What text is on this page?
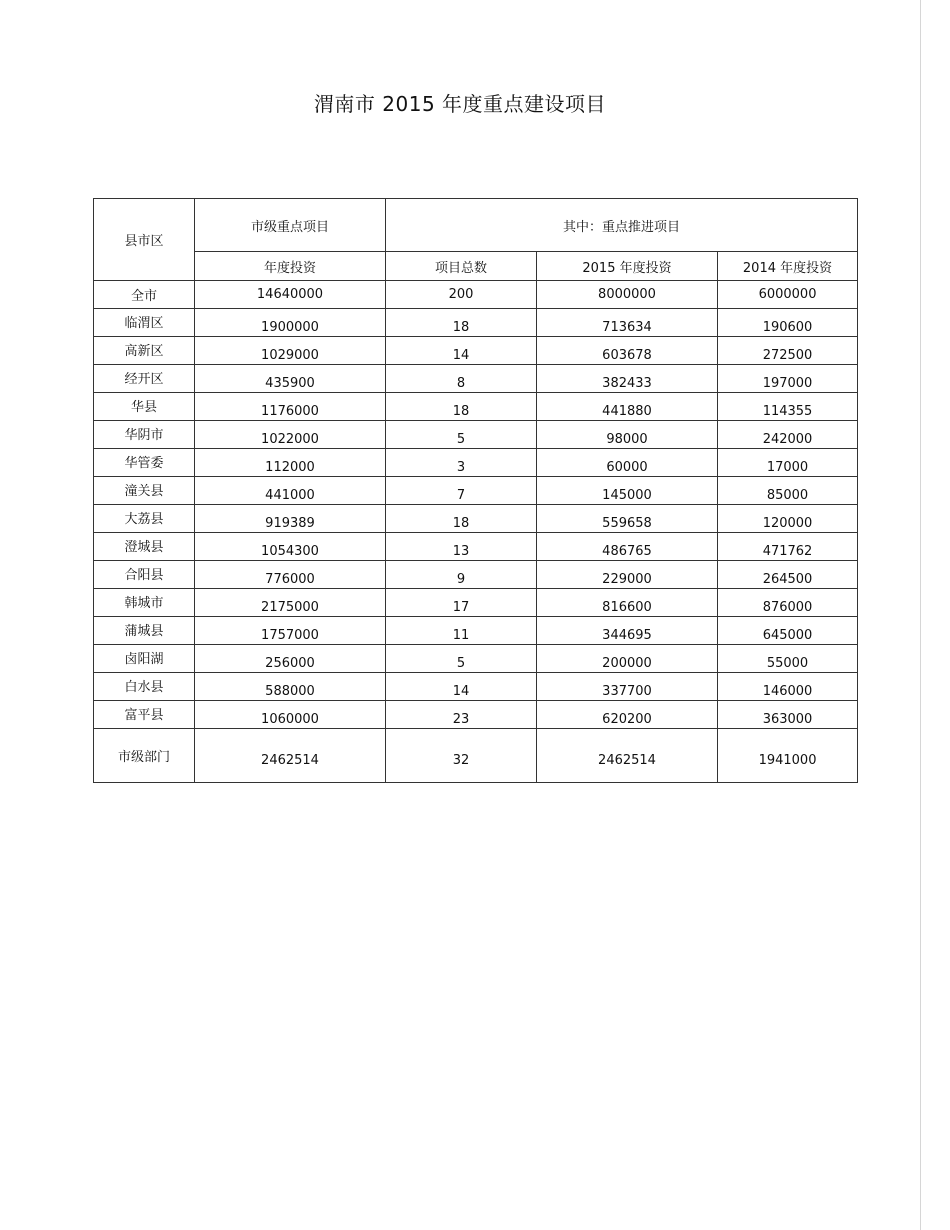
渭南市 2015 年度重点建设项目
县市区	市级重点项目	其中：重点推进项目		
	年度投资	项目总数	2015 年度投资	2014 年度投资
全市	14640000	200	8000000	6000000
临渭区	1900000	18	713634	190600
高新区	1029000	14	603678	272500
经开区	435900	8	382433	197000
华县	1176000	18	441880	114355
华阴市	1022000	5	98000	242000
华管委	112000	3	60000	17000
潼关县	441000	7	145000	85000
大荔县	919389	18	559658	120000
澄城县	1054300	13	486765	471762
合阳县	776000	9	229000	264500
韩城市	2175000	17	816600	876000
蒲城县	1757000	11	344695	645000
卤阳湖	256000	5	200000	55000
白水县	588000	14	337700	146000
富平县	1060000	23	620200	363000
市级部门	2462514	32	2462514	1941000
